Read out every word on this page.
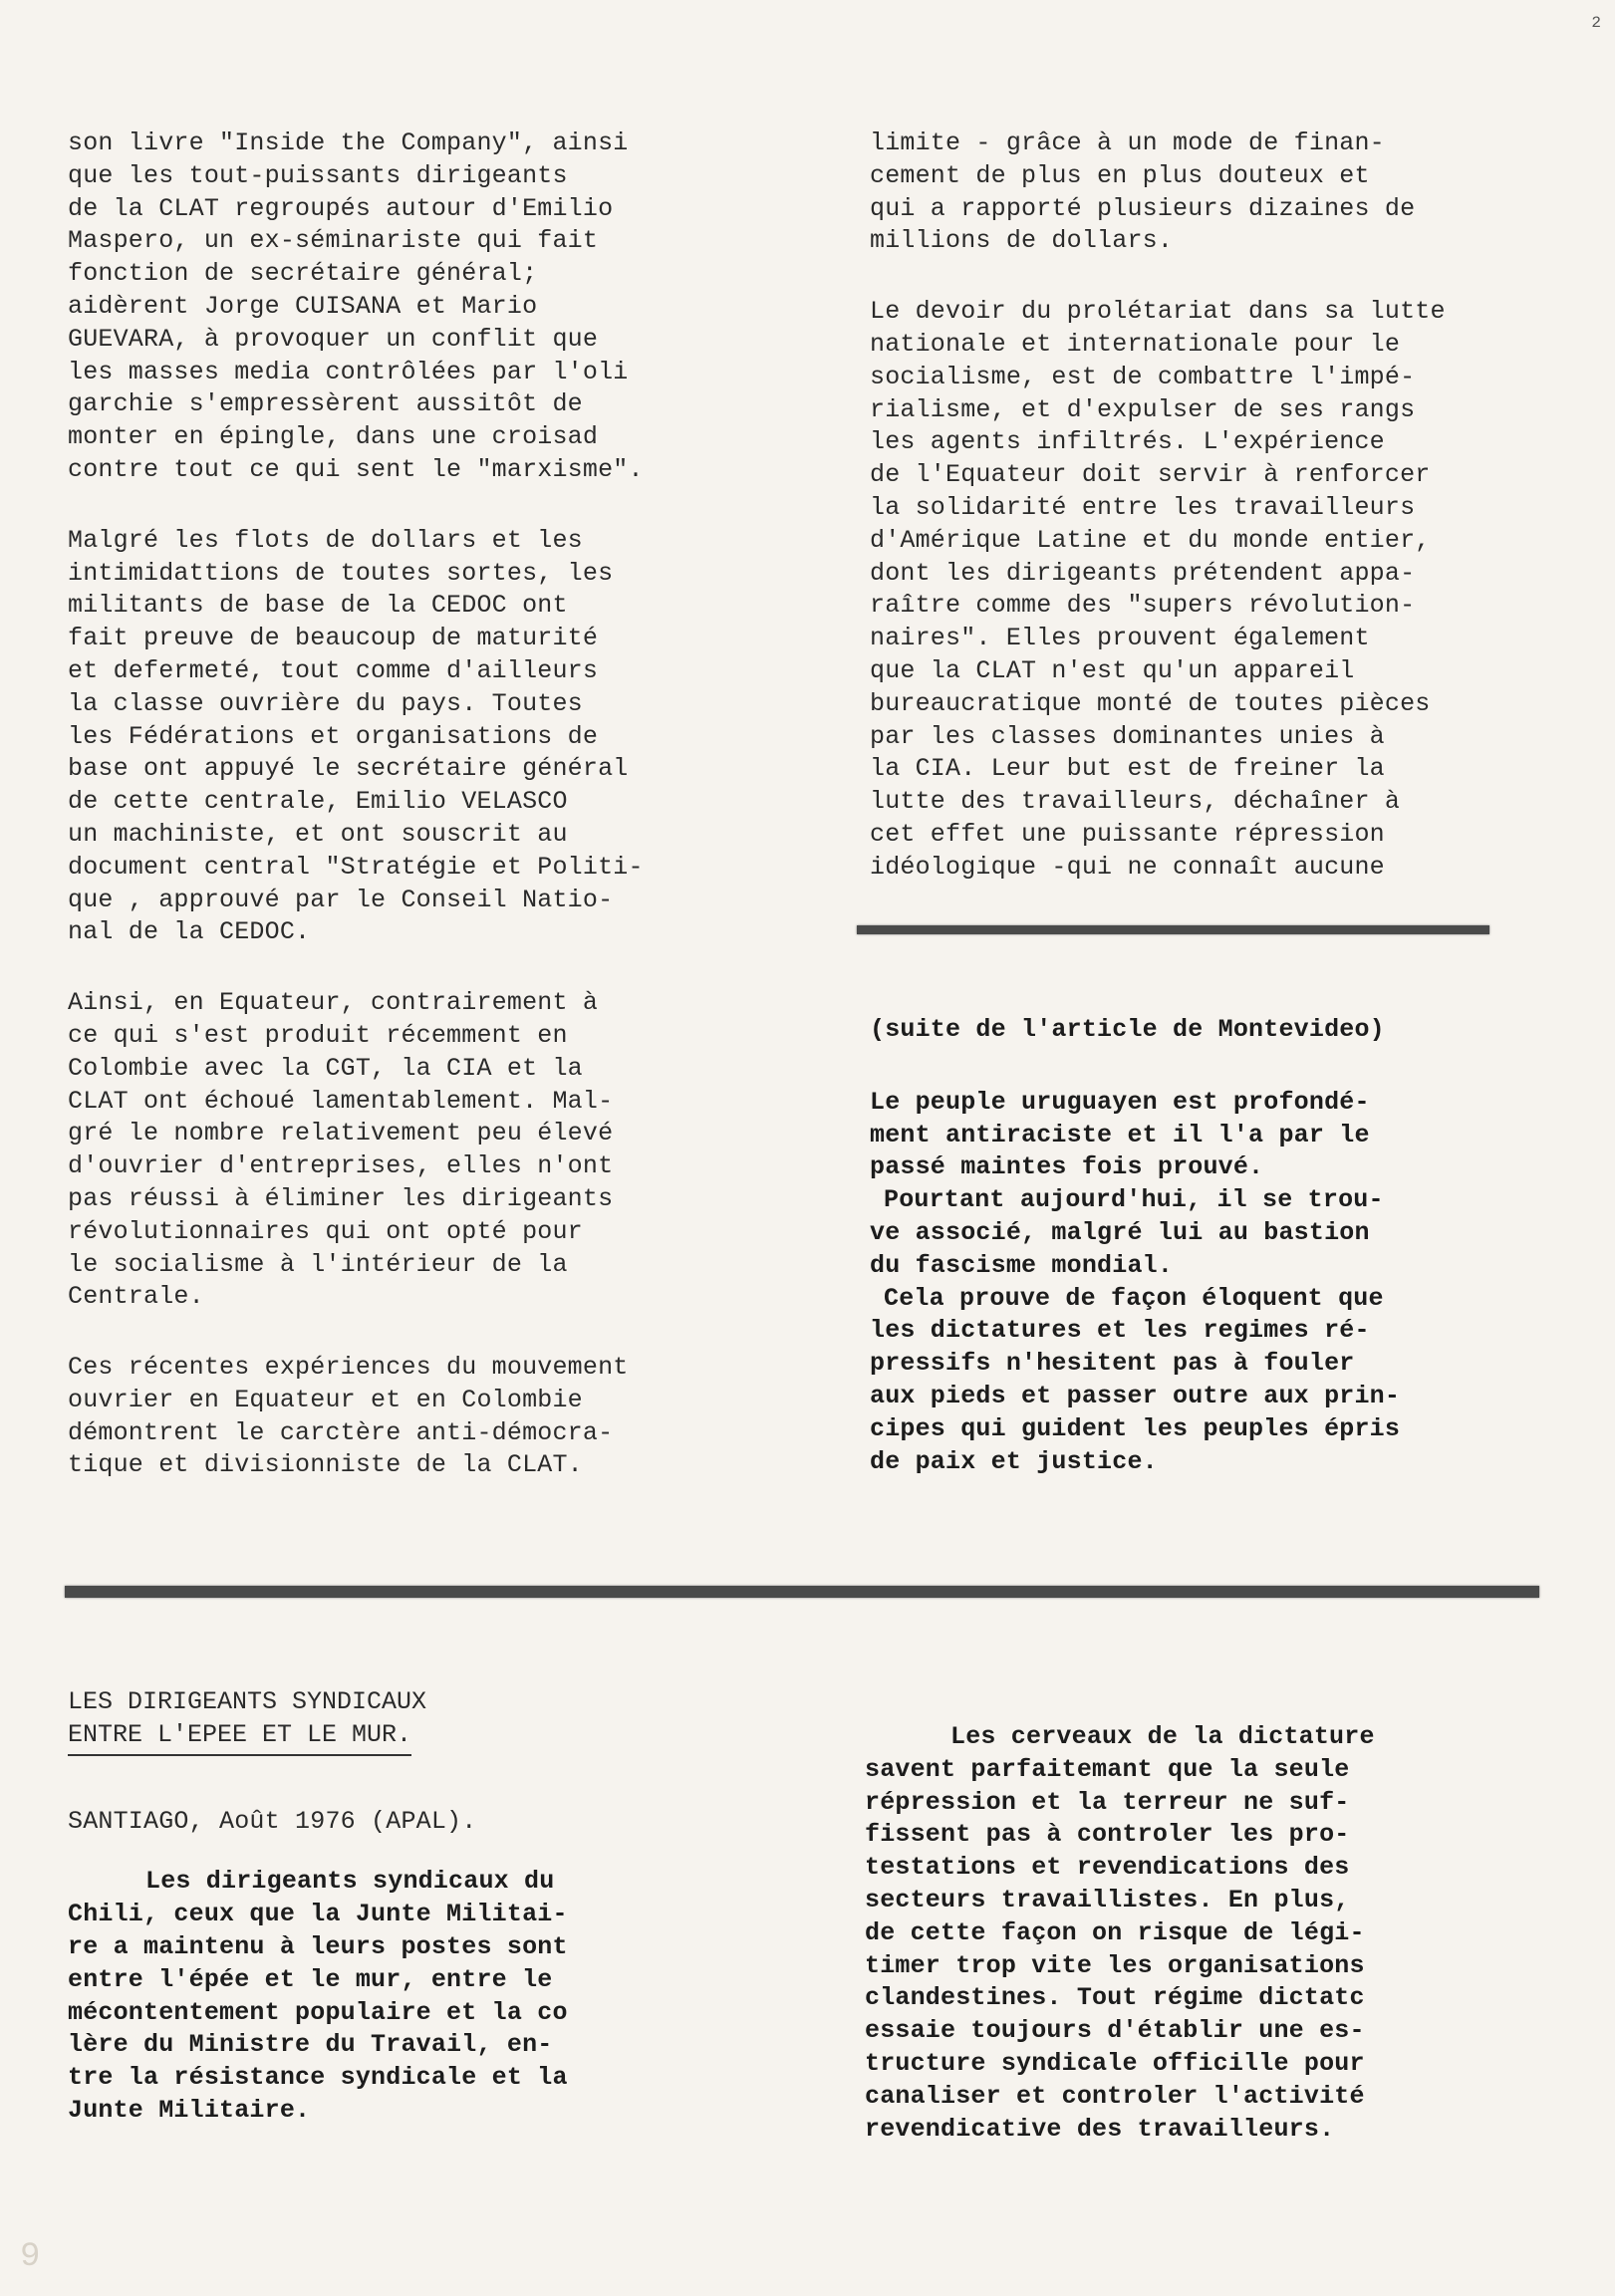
2

son livre "Inside the Company", ainsi
que les tout-puissants dirigeants
de la CLAT regroupés autour d'Emilio
Maspero, un ex-séminariste qui fait
fonction de secrétaire général;
aidèrent Jorge CUISANA et Mario
GUEVARA, à provoquer un conflit que
les masses media contrôlées par l'oli
garchie s'empressèrent aussitôt de
monter en épingle, dans une croisad
contre tout ce qui sent le "marxisme".

Malgré les flots de dollars et les
intimidattions de toutes sortes, les
militants de base de la CEDOC ont
fait preuve de beaucoup de maturité
et defermeté, tout comme d'ailleurs
la classe ouvrière du pays. Toutes
les Fédérations et organisations de
base ont appuyé le secrétaire général
de cette centrale, Emilio VELASCO
un machiniste, et ont souscrit au
document central "Stratégie et Politi-
que , approuvé par le Conseil Natio-
nal de la CEDOC.

Ainsi, en Equateur, contrairement à
ce qui s'est produit récemment en
Colombie avec la CGT, la CIA et la
CLAT ont échoué lamentablement. Mal-
gré le nombre relativement peu élevé
d'ouvrier d'entreprises, elles n'ont
pas réussi à éliminer les dirigeants
révolutionnaires qui ont opté pour
le socialisme à l'intérieur de la
Centrale.

Ces récentes expériences du mouvement
ouvrier en Equateur et en Colombie
démontrent le carctère anti-démocra-
tique et divisionniste de la CLAT.

limite - grâce à un mode de finan-
cement de plus en plus douteux et
qui a rapporté plusieurs dizaines de
millions de dollars.

Le devoir du prolétariat dans sa lutte
nationale et internationale pour le
socialisme, est de combattre l'impé-
rialisme, et d'expulser de ses rangs
les agents infiltrés. L'expérience
de l'Equateur doit servir à renforcer
la solidarité entre les travailleurs
d'Amérique Latine et du monde entier,
dont les dirigeants prétendent appa-
raître comme des "supers révolution-
naires". Elles prouvent également
que la CLAT n'est qu'un appareil
bureaucratique monté de toutes pièces
par les classes dominantes unies à
la CIA. Leur but est de freiner la
lutte des travailleurs, déchaîner à
cet effet une puissante répression
idéologique -qui ne connaît aucune

(suite de l'article de Montevideo)

Le peuple uruguayen est profondé-
ment antiraciste et il l'a par le
passé maintes fois prouvé.

Pourtant aujourd'hui, il se trou-
ve associé, malgré lui au bastion
du fascisme mondial.

Cela prouve de façon éloquent que
les dictatures et les regimes ré-
pressifs n'hesitent pas à fouler
aux pieds et passer outre aux prin-
cipes qui guident les peuples épris
de paix et justice.

LES DIRIGEANTS SYNDICAUX
ENTRE L'EPEE ET LE MUR.

SANTIAGO, Août 1976 (APAL).

Les dirigeants syndicaux du
Chili, ceux que la Junte Militai-
re a maintenu à leurs postes sont
entre l'épée et le mur, entre le
mécontentement populaire et la co
lère du Ministre du Travail, en-
tre la résistance syndicale et la
Junte Militaire.

Les cerveaux de la dictature
savent parfaitemant que la seule
répression et la terreur ne suf-
fissent pas à controler les pro-
testations et revendications des
secteurs travaillistes. En plus,
de cette façon on risque de légi-
timer trop vite les organisations
clandestines. Tout régime dictatc
essaie toujours d'établir une es-
tructure syndicale officille pour
canaliser et controler l'activité
revendicative des travailleurs.

9
